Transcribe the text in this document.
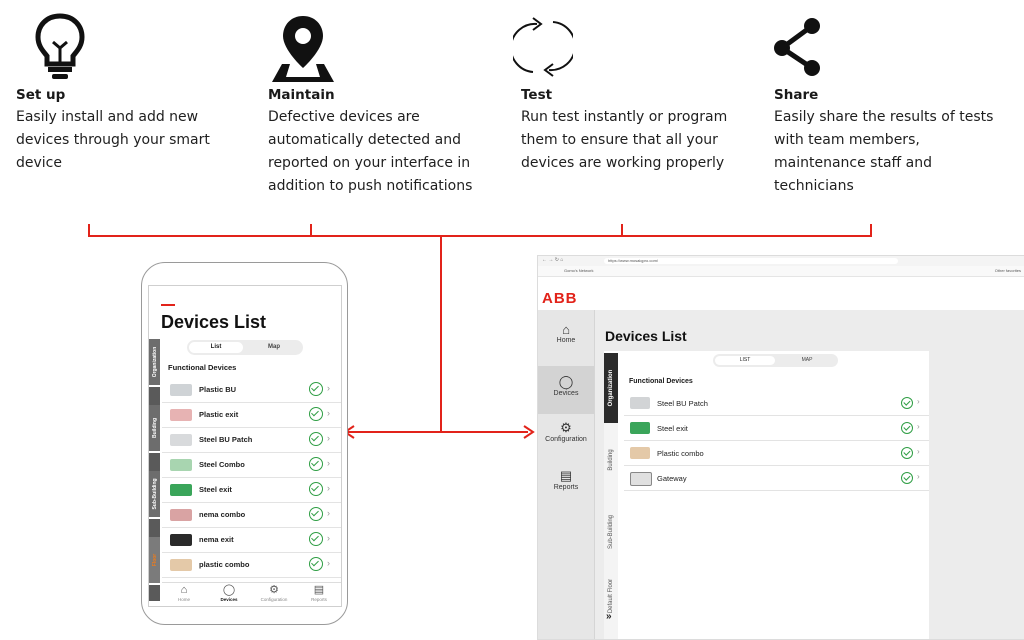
Set up

Easily install and add new devices through your smart device

Maintain

Defective devices are automatically detected and reported on your interface in addition to push notifications

Test

Run test instantly or program them to ensure that all your devices are working properly

Share

Easily share the results of tests with team members, maintenance staff and technicians

Devices List
List	Map
Organization
Building
Sub-Building
Floor
Functional Devices
Plastic BU	›
Plastic exit	›
Steel BU Patch	›
Steel Combo	›
Steel exit	›
nema combo	›
nema exit	›
plastic combo	›
⌂
Home
◯
Devices
⚙
Configuration
▤
Reports
← → ↻ ⌂	https://www.mosaiqpro.com/
Gomo's Network	Other favorites
ABB
⌂
Home
◯
Devices
⚙
Configuration
▤
Reports
Devices List
Organization
Building
Sub-Building
Default Floor
LIST	MAP
Functional Devices
Steel BU Patch	›
Steel exit	›
Plastic combo	›
Gateway	›
»
